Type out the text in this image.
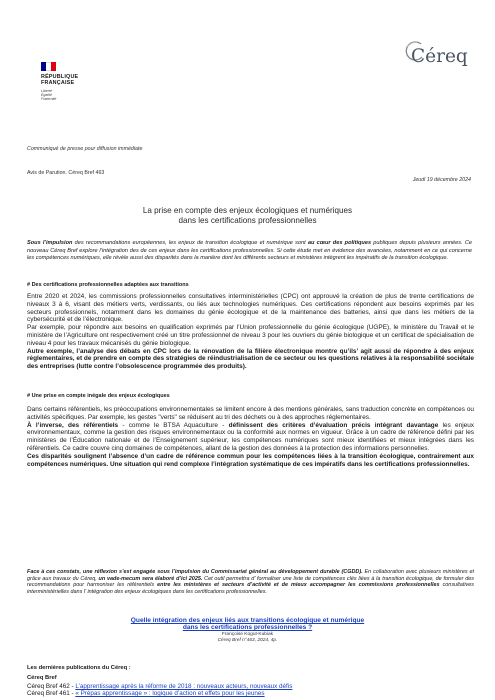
RÉPUBLIQUE
FRANÇAISE
Liberté
Égalité
Fraternité
Céreq
Communiqué de presse pour diffusion immédiate
Avis de Parution. Céreq Bref 463
Jeudi 19 décembre 2024
La prise en compte des enjeux écologiques et numériques
dans les certifications professionnelles
Sous l’impulsion des recommandations européennes, les enjeux de transition écologique et numérique sont au cœur des politiques publiques depuis plusieurs années. Ce nouveau Céreq Bref explore l’intégration des de ces enjeux dans les certifications professionnelles. Si cette étude met en évidence des avancées, notamment en ce qui concerne les compétences numériques, elle révèle aussi des disparités dans la manière dont les différents secteurs et ministères intègrent les impératifs de la transition écologique.
# Des certifications professionnelles adaptées aux transitions
Entre 2020 et 2024, les commissions professionnelles consultatives interministérielles (CPC) ont approuvé la création de plus de trente certifications de niveaux 3 à 6, visant des métiers verts, verdissants, ou liés aux technologies numériques. Ces certifications répondent aux besoins exprimés par les secteurs professionnels, notamment dans les domaines du génie écologique et de la maintenance des batteries, ainsi que dans les métiers de la cybersécurité et de l’électronique.
Par exemple, pour répondre aux besoins en qualification exprimés par l’Union professionnelle du génie écologique (UGPE), le ministère du Travail et le ministère de l’Agriculture ont respectivement créé un titre professionnel de niveau 3 pour les ouvriers du génie biologique et un certificat de spécialisation de niveau 4 pour les travaux mécanisés du génie biologique.
Autre exemple, l’analyse des débats en CPC lors de la rénovation de la filière électronique montre qu’ils’ agit aussi de répondre à des enjeux réglementaires, et de prendre en compte des stratégies de réindustrialisation de ce secteur ou les questions relatives à la responsabilité sociétale des entreprises (lutte contre l’obsolescence programmée des produits).
# Une prise en compte inégale des enjeux écologiques
Dans certains référentiels, les préoccupations environnementales se limitent encore à des mentions générales, sans traduction concrète en compétences ou activités spécifiques. Par exemple, les gestes "verts" se réduisent au tri des déchets ou à des approches réglementaires.
À l’inverse, des référentiels - comme le BTSA Aquaculture - définissent des critères d’évaluation précis intégrant davantage les enjeux environnementaux, comme la gestion des risques environnementaux ou la conformité aux normes en vigueur. Grâce à un cadre de référence défini par les ministères de l’Éducation nationale et de l’Enseignement supérieur, les compétences numériques sont mieux identifiées et mieux intégrées dans les référentiels. Ce cadre couvre cinq domaines de compétences, allant de la gestion des données à la protection des informations personnelles.
Ces disparités soulignent l’absence d’un cadre de référence commun pour les compétences liées à la transition écologique, contrairement aux compétences numériques. Une situation qui rend complexe l’intégration systématique de ces impératifs dans les certifications professionnelles.
Face à ces constats, une réflexion s’est engagée sous l’impulsion du Commissariat général au développement durable (CGDD). En collaboration avec plusieurs ministères et grâce aux travaux du Céreq, un vade-mecum sera élaboré d’ici 2025. Cet outil permettra d’ formaliser une liste de compétences clés liées à la transition écologique, de formuler des recommandations pour harmoniser les référentiels entre les ministères et secteurs d’activité et de mieux accompagner les commissions professionnelles consultatives interministérielles dans l’ intégration des enjeux écologiques dans les certifications professionnelles.
Quelle intégration des enjeux liés aux transitions écologique et numérique
dans les certifications professionnelles ?
Françoise Kogut-Kubiak
Céreq Bref n°463, 2024, 4p.
Les dernières publications du Céreq :
Céreq Bref
Céreq Bref 462 - L’apprentissage après la réforme de 2018 : nouveaux acteurs, nouveaux défis
Céreq Bref 461 - « Prépas apprentissage » : logique d’action et effets pour les jeunes
